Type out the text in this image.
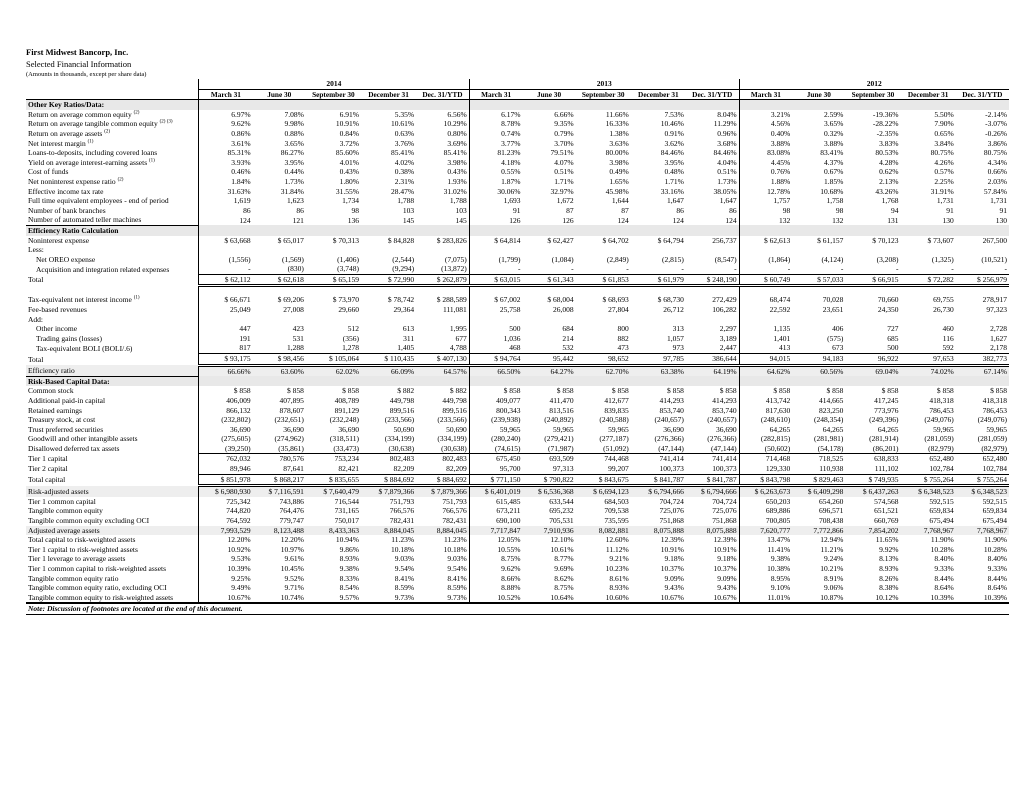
First Midwest Bancorp, Inc.
Selected Financial Information
(Amounts in thousands, except per share data)
	2014					2013					2012				
	March 31	June 30	September 30	December 31	Dec. 31/YTD	March 31	June 30	September 30	December 31	Dec. 31/YTD	March 31	June 30	September 30	December 31	Dec. 31/YTD
Other Key Ratios/Data:															
Return on average common equity $^{(2)}$	6.97%	7.08%	6.91%	5.35%	6.56%	6.17%	6.66%	11.66%	7.53%	8.04%	3.21%	2.59%	-19.36%	5.50%	-2.14%
Return on average tangible common equity $^{(2) (3)}$	9.62%	9.98%	10.91%	10.61%	10.29%	8.78%	9.35%	16.33%	10.46%	11.29%	4.56%	3.65%	-28.22%	7.90%	-3.07%
Return on average assets $^{(2)}$	0.86%	0.88%	0.84%	0.63%	0.80%	0.74%	0.79%	1.38%	0.91%	0.96%	0.40%	0.32%	-2.35%	0.65%	-0.26%
Net interest margin $^{(1)}$	3.61%	3.65%	3.72%	3.76%	3.69%	3.77%	3.70%	3.63%	3.62%	3.68%	3.88%	3.88%	3.83%	3.84%	3.86%
Loans-to-deposits, including covered loans	85.31%	86.27%	85.60%	85.41%	85.41%	81.23%	79.51%	80.00%	84.46%	84.46%	83.08%	83.41%	80.53%	80.75%	80.75%
Yield on average interest-earning assets $^{(1)}$	3.93%	3.95%	4.01%	4.02%	3.98%	4.18%	4.07%	3.98%	3.95%	4.04%	4.45%	4.37%	4.28%	4.26%	4.34%
Cost of funds	0.46%	0.44%	0.43%	0.38%	0.43%	0.55%	0.51%	0.49%	0.48%	0.51%	0.76%	0.67%	0.62%	0.57%	0.66%
Net noninterest expense ratio $^{(2)}$	1.84%	1.73%	1.80%	2.31%	1.93%	1.87%	1.71%	1.65%	1.71%	1.73%	1.88%	1.85%	2.13%	2.25%	2.03%
Effective income tax rate	31.63%	31.84%	31.55%	28.47%	31.02%	30.06%	32.97%	45.98%	33.16%	38.05%	12.78%	10.68%	43.26%	31.91%	57.84%
Full time equivalent employees - end of period	1,619	1,623	1,734	1,788	1,788	1,693	1,672	1,644	1,647	1,647	1,757	1,758	1,768	1,731	1,731
Number of bank branches	86	86	98	103	103	91	87	87	86	86	98	98	94	91	91
Number of automated teller machines	124	121	136	145	145	126	126	124	124	124	132	132	131	130	130
Efficiency Ratio Calculation															
Noninterest expense	$ 63,668	$ 65,017	$ 70,313	$ 84,828	$ 283,826	$ 64,814	$ 62,427	$ 64,702	$ 64,794	256,737	$ 62,613	$ 61,157	$ 70,123	$ 73,607	267,500
Less:															
Net OREO expense	(1,556)	(1,569)	(1,406)	(2,544)	(7,075)	(1,799)	(1,084)	(2,849)	(2,815)	(8,547)	(1,864)	(4,124)	(3,208)	(1,325)	(10,521)
Acquisition and integration related expenses	-	(830)	(3,748)	(9,294)	(13,872)	-	-	-	-	-	-	-	-	-	-
Total	$ 62,112	$ 62,618	$ 65,159	$ 72,990	$ 262,879	$ 63,015	$ 61,343	$ 61,853	$ 61,979	$ 248,190	$ 60,749	$ 57,033	$ 66,915	$ 72,282	$ 256,979

Tax-equivalent net interest income $^{(1)}$	$ 66,671	$ 69,206	$ 73,970	$ 78,742	$ 288,589	$ 67,002	$ 68,004	$ 68,693	$ 68,730	272,429	68,474	70,028	70,660	69,755	278,917
Fee-based revenues	25,049	27,008	29,660	29,364	111,081	25,758	26,008	27,804	26,712	106,282	22,592	23,651	24,350	26,730	97,323
Add:															
Other income	447	423	512	613	1,995	500	684	800	313	2,297	1,135	406	727	460	2,728
Trading gains (losses)	191	531	(356)	311	677	1,036	214	882	1,057	3,189	1,401	(575)	685	116	1,627
Tax-equivalent BOLI (BOLI/.6)	817	1,288	1,278	1,405	4,788	468	532	473	973	2,447	413	673	500	592	2,178
Total	$ 93,175	$ 98,456	$ 105,064	$ 110,435	$ 407,130	$ 94,764	95,442	98,652	97,785	386,644	94,015	94,183	96,922	97,653	382,773
Efficiency ratio	66.66%	63.60%	62.02%	66.09%	64.57%	66.50%	64.27%	62.70%	63.38%	64.19%	64.62%	60.56%	69.04%	74.02%	67.14%
Risk-Based Capital Data:															
Common stock	$ 858	$ 858	$ 858	$ 882	$ 882	$ 858	$ 858	$ 858	$ 858	$ 858	$ 858	$ 858	$ 858	$ 858	$ 858
Additional paid-in capital	406,009	407,895	408,789	449,798	449,798	409,077	411,470	412,677	414,293	414,293	413,742	414,665	417,245	418,318	418,318
Retained earnings	866,132	878,607	891,129	899,516	899,516	800,343	813,516	839,835	853,740	853,740	817,630	823,250	773,976	786,453	786,453
Treasury stock, at cost	(232,802)	(232,651)	(232,248)	(233,566)	(233,566)	(239,938)	(240,892)	(240,588)	(240,657)	(240,657)	(248,610)	(248,354)	(249,396)	(249,076)	(249,076)
Trust preferred securities	36,690	36,690	36,690	50,690	50,690	59,965	59,965	59,965	36,690	36,690	64,265	64,265	64,265	59,965	59,965
Goodwill and other intangible assets	(275,605)	(274,962)	(318,511)	(334,199)	(334,199)	(280,240)	(279,421)	(277,187)	(276,366)	(276,366)	(282,815)	(281,981)	(281,914)	(281,059)	(281,059)
Disallowed deferred tax assets	(39,250)	(35,861)	(33,473)	(30,638)	(30,638)	(74,615)	(71,987)	(51,092)	(47,144)	(47,144)	(50,602)	(54,178)	(86,201)	(82,979)	(82,979)
Tier 1 capital	762,032	780,576	753,234	802,483	802,483	675,450	693,509	744,468	741,414	741,414	714,468	718,525	638,833	652,480	652,480
Tier 2 capital	89,946	87,641	82,421	82,209	82,209	95,700	97,313	99,207	100,373	100,373	129,330	110,938	111,102	102,784	102,784
Total capital	$ 851,978	$ 868,217	$ 835,655	$ 884,692	$ 884,692	$ 771,150	$ 790,822	$ 843,675	$ 841,787	$ 841,787	$ 843,798	$ 829,463	$ 749,935	$ 755,264	$ 755,264
Risk-adjusted assets	$ 6,980,930	$ 7,116,591	$ 7,640,479	$ 7,879,366	$ 7,879,366	$ 6,401,019	$ 6,536,368	$ 6,694,123	$ 6,794,666	$ 6,794,666	$ 6,263,673	$ 6,409,298	$ 6,437,263	$ 6,348,523	$ 6,348,523
Tier 1 common capital	725,342	743,886	716,544	751,793	751,793	615,485	633,544	684,503	704,724	704,724	650,203	654,260	574,568	592,515	592,515
Tangible common equity	744,820	764,476	731,165	766,576	766,576	673,211	695,232	709,538	725,076	725,076	689,886	696,571	651,521	659,834	659,834
Tangible common equity excluding OCI	764,592	779,747	750,017	782,431	782,431	690,100	705,531	735,595	751,868	751,868	700,805	708,438	660,769	675,494	675,494
Adjusted average assets	7,993,529	8,123,488	8,433,363	8,884,045	8,884,045	7,717,847	7,910,936	8,082,881	8,075,888	8,075,888	7,620,777	7,772,866	7,854,202	7,768,967	7,768,967
Total capital to risk-weighted assets	12.20%	12.20%	10.94%	11.23%	11.23%	12.05%	12.10%	12.60%	12.39%	12.39%	13.47%	12.94%	11.65%	11.90%	11.90%
Tier 1 capital to risk-weighted assets	10.92%	10.97%	9.86%	10.18%	10.18%	10.55%	10.61%	11.12%	10.91%	10.91%	11.41%	11.21%	9.92%	10.28%	10.28%
Tier 1 leverage to average assets	9.53%	9.61%	8.93%	9.03%	9.03%	8.75%	8.77%	9.21%	9.18%	9.18%	9.38%	9.24%	8.13%	8.40%	8.40%
Tier 1 common capital to risk-weighted assets	10.39%	10.45%	9.38%	9.54%	9.54%	9.62%	9.69%	10.23%	10.37%	10.37%	10.38%	10.21%	8.93%	9.33%	9.33%
Tangible common equity ratio	9.25%	9.52%	8.33%	8.41%	8.41%	8.66%	8.62%	8.61%	9.09%	9.09%	8.95%	8.91%	8.26%	8.44%	8.44%
Tangible common equity ratio, excluding OCI	9.49%	9.71%	8.54%	8.59%	8.59%	8.88%	8.75%	8.93%	9.43%	9.43%	9.10%	9.06%	8.38%	8.64%	8.64%
Tangible common equity to risk-weighted assets	10.67%	10.74%	9.57%	9.73%	9.73%	10.52%	10.64%	10.60%	10.67%	10.67%	11.01%	10.87%	10.12%	10.39%	10.39%
Note: Discussion of footnotes are located at the end of this document.															
